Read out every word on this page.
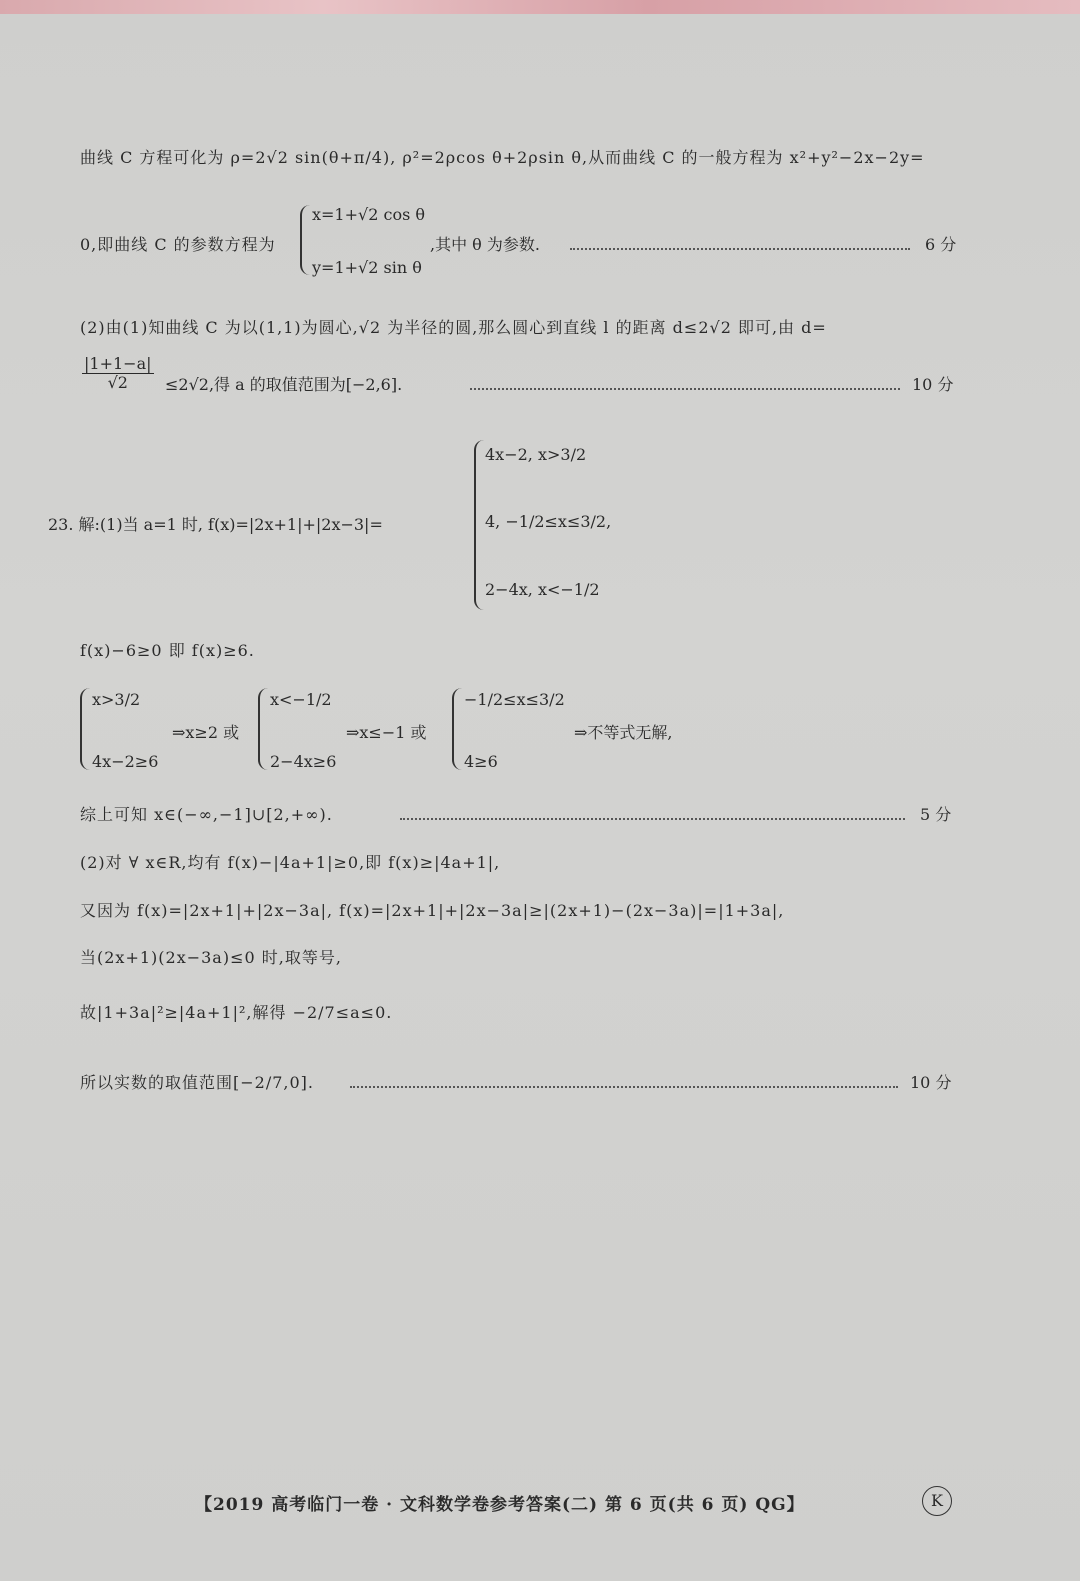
曲线 C 方程可化为 ρ=2√2 sin(θ+π/4), ρ²=2ρcos θ+2ρsin θ,从而曲线 C 的一般方程为 x²+y²−2x−2y=
0,即曲线 C 的参数方程为
x=1+√2 cos θ
y=1+√2 sin θ
,其中 θ 为参数.	6 分
(2)由(1)知曲线 C 为以(1,1)为圆心,√2 为半径的圆,那么圆心到直线 l 的距离 d≤2√2 即可,由 d=
$\frac{|1+1-a|}{√2} \le 2√2$,得 a 的取值范围为[−2,6].	10 分
23. 解:(1)当 a=1 时, f(x)=|2x+1|+|2x−3|=
4x−2, x>3/2
4, −1/2≤x≤3/2,
2−4x, x<−1/2
f(x)−6≥0 即 f(x)≥6.
x>3/2
4x−2≥6
⇒x≥2 或
x<−1/2
2−4x≥6
⇒x≤−1 或
−1/2≤x≤3/2
4≥6
⇒不等式无解,
综上可知 x∈(−∞,−1]∪[2,+∞).	5 分
(2)对 ∀ x∈R,均有 f(x)−|4a+1|≥0,即 f(x)≥|4a+1|,
又因为 f(x)=|2x+1|+|2x−3a|, f(x)=|2x+1|+|2x−3a|≥|(2x+1)−(2x−3a)|=|1+3a|,
当(2x+1)(2x−3a)≤0 时,取等号,
故|1+3a|²≥|4a+1|²,解得 −2/7≤a≤0.
所以实数的取值范围[−2/7,0].	10 分
【2019 高考临门一卷 · 文科数学卷参考答案(二) 第 6 页(共 6 页) QG】	K
